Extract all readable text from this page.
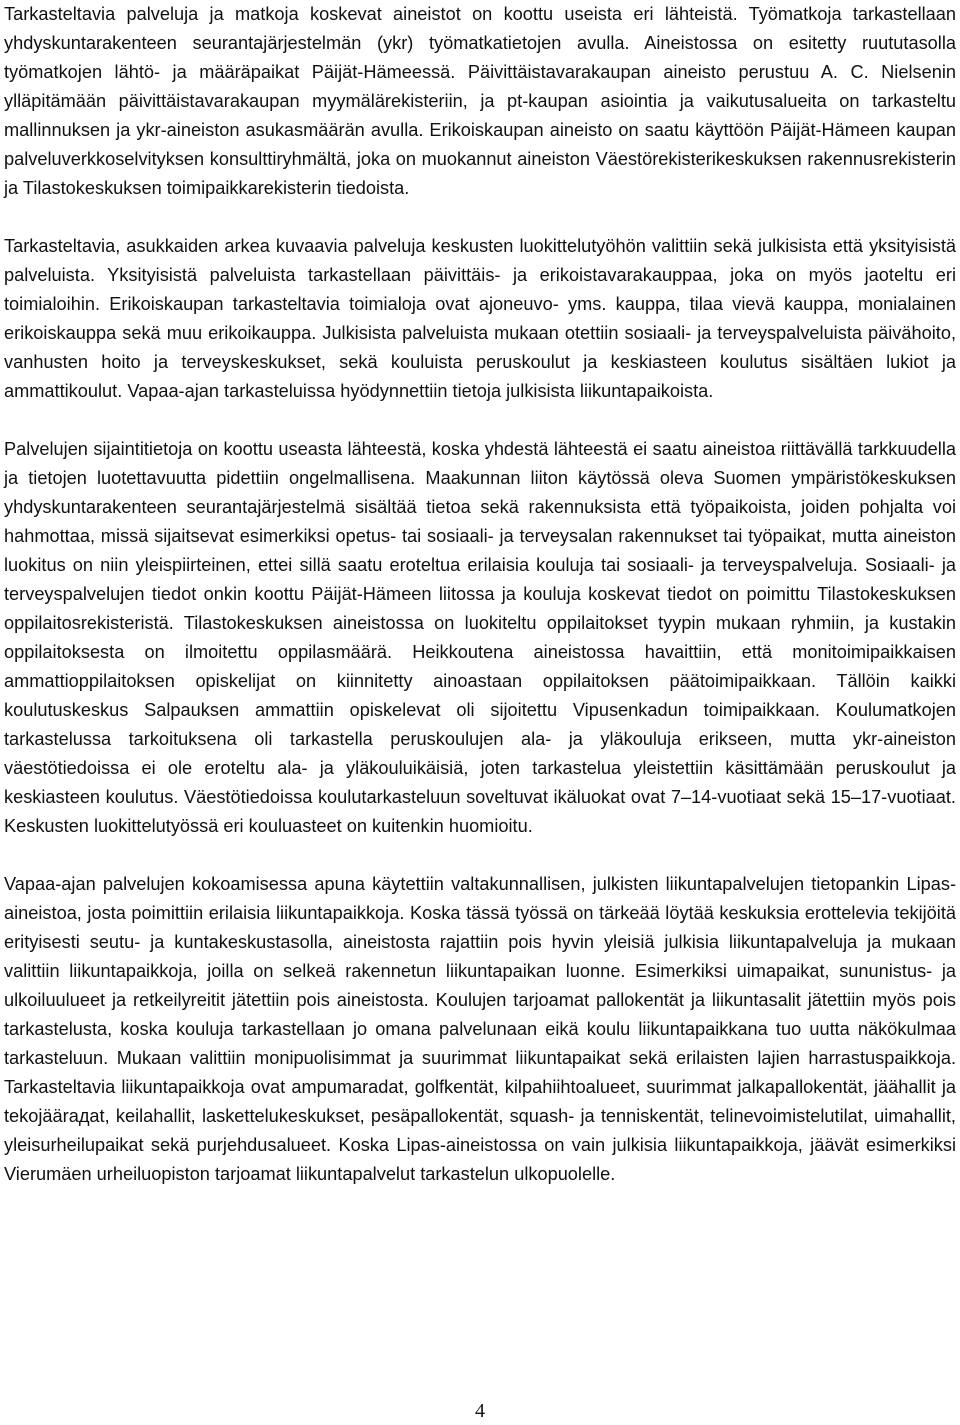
Tarkasteltavia palveluja ja matkoja koskevat aineistot on koottu useista eri lähteistä. Työmatkoja tarkastellaan yhdyskuntarakenteen seurantajärjestelmän (ykr) työmatkatietojen avulla. Aineistossa on esitetty ruututasolla työmatkojen lähtö- ja määräpaikat Päijät-Hämeessä. Päivittäistavarakaupan aineisto perustuu A. C. Nielsenin ylläpitämään päivittäistavarakaupan myymälärekisteriin, ja pt-kaupan asiointia ja vaikutusalueita on tarkasteltu mallinnuksen ja ykr-aineiston asukasmäärän avulla. Erikoiskaupan aineisto on saatu käyttöön Päijät-Hämeen kaupan palveluverkkoselvityksen konsulttiryhmältä, joka on muokannut aineiston Väestörekisterikeskuksen rakennusrekisterin ja Tilastokeskuksen toimipaikkarekisterin tiedoista.

Tarkasteltavia, asukkaiden arkea kuvaavia palveluja keskusten luokittelutyöhön valittiin sekä julkisista että yksityisistä palveluista. Yksityisistä palveluista tarkastellaan päivittäis- ja erikoistavarakauppaa, joka on myös jaoteltu eri toimialoihin. Erikoiskaupan tarkasteltavia toimialoja ovat ajoneuvo- yms. kauppa, tilaa vievä kauppa, monialainen erikoiskauppa sekä muu erikoikauppa. Julkisista palveluista mukaan otettiin sosiaali- ja terveyspalveluista päivähoito, vanhusten hoito ja terveyskeskukset, sekä kouluista peruskoulut ja keskiasteen koulutus sisältäen lukiot ja ammattikoulut. Vapaa-ajan tarkasteluissa hyödynnettiin tietoja julkisista liikuntapaikoista.

Palvelujen sijaintitietoja on koottu useasta lähteestä, koska yhdestä lähteestä ei saatu aineistoa riittävällä tarkkuudella ja tietojen luotettavuutta pidettiin ongelmallisena. Maakunnan liiton käytössä oleva Suomen ympäristökeskuksen yhdyskuntarakenteen seurantajärjestelmä sisältää tietoa sekä rakennuksista että työpaikoista, joiden pohjalta voi hahmottaa, missä sijaitsevat esimerkiksi opetus- tai sosiaali- ja terveysalan rakennukset tai työpaikat, mutta aineiston luokitus on niin yleispiirteinen, ettei sillä saatu eroteltua erilaisia kouluja tai sosiaali- ja terveyspalveluja. Sosiaali- ja terveyspalvelujen tiedot onkin koottu Päijät-Hämeen liitossa ja kouluja koskevat tiedot on poimittu Tilastokeskuksen oppilaitosrekisteristä. Tilastokeskuksen aineistossa on luokiteltu oppilaitokset tyypin mukaan ryhmiin, ja kustakin oppilaitoksesta on ilmoitettu oppilasmäärä. Heikkoutena aineistossa havaittiin, että monitoimipaikkaisen ammattioppilaitoksen opiskelijat on kiinnitetty ainoastaan oppilaitoksen päätoimipaikkaan. Tällöin kaikki koulutuskeskus Salpauksen ammattiin opiskelevat oli sijoitettu Vipusenkadun toimipaikkaan. Koulumatkojen tarkastelussa tarkoituksena oli tarkastella peruskoulujen ala- ja yläkouluja erikseen, mutta ykr-aineiston väestötiedoissa ei ole eroteltu ala- ja yläkouluikäisiä, joten tarkastelua yleistettiin käsittämään peruskoulut ja keskiasteen koulutus. Väestötiedoissa koulutarkasteluun soveltuvat ikäluokat ovat 7–14-vuotiaat sekä 15–17-vuotiaat. Keskusten luokittelutyössä eri kouluasteet on kuitenkin huomioitu.

Vapaa-ajan palvelujen kokoamisessa apuna käytettiin valtakunnallisen, julkisten liikuntapalvelujen tietopankin Lipas-aineistoa, josta poimittiin erilaisia liikuntapaikkoja. Koska tässä työssä on tärkeää löytää keskuksia erottelevia tekijöitä erityisesti seutu- ja kuntakeskustasolla, aineistosta rajattiin pois hyvin yleisiä julkisia liikuntapalveluja ja mukaan valittiin liikuntapaikkoja, joilla on selkeä rakennetun liikuntapaikan luonne. Esimerkiksi uimapaikat, sununistus- ja ulkoiluulueet ja retkeilyreitit jätettiin pois aineistosta. Koulujen tarjoamat pallokentät ja liikuntasalit jätettiin myös pois tarkastelusta, koska kouluja tarkastellaan jo omana palvelunaan eikä koulu liikuntapaikkana tuo uutta näkökulmaa tarkasteluun. Mukaan valittiin monipuolisimmat ja suurimmat liikuntapaikat sekä erilaisten lajien harrastuspaikkoja. Tarkasteltavia liikuntapaikkoja ovat ampumaradat, golfkentät, kilpahiihtoalueet, suurimmat jalkapallokentät, jäähallit ja tekojäärадat, keilahallit, laskettelukeskukset, pesäpallokentät, squash- ja tenniskentät, telinevoimistelutilat, uimahallit, yleisurheilupaikat sekä purjehdusalueet. Koska Lipas-aineistossa on vain julkisia liikuntapaikkoja, jäävät esimerkiksi Vierumäen urheiluopiston tarjoamat liikuntapalvelut tarkastelun ulkopuolelle.

4
